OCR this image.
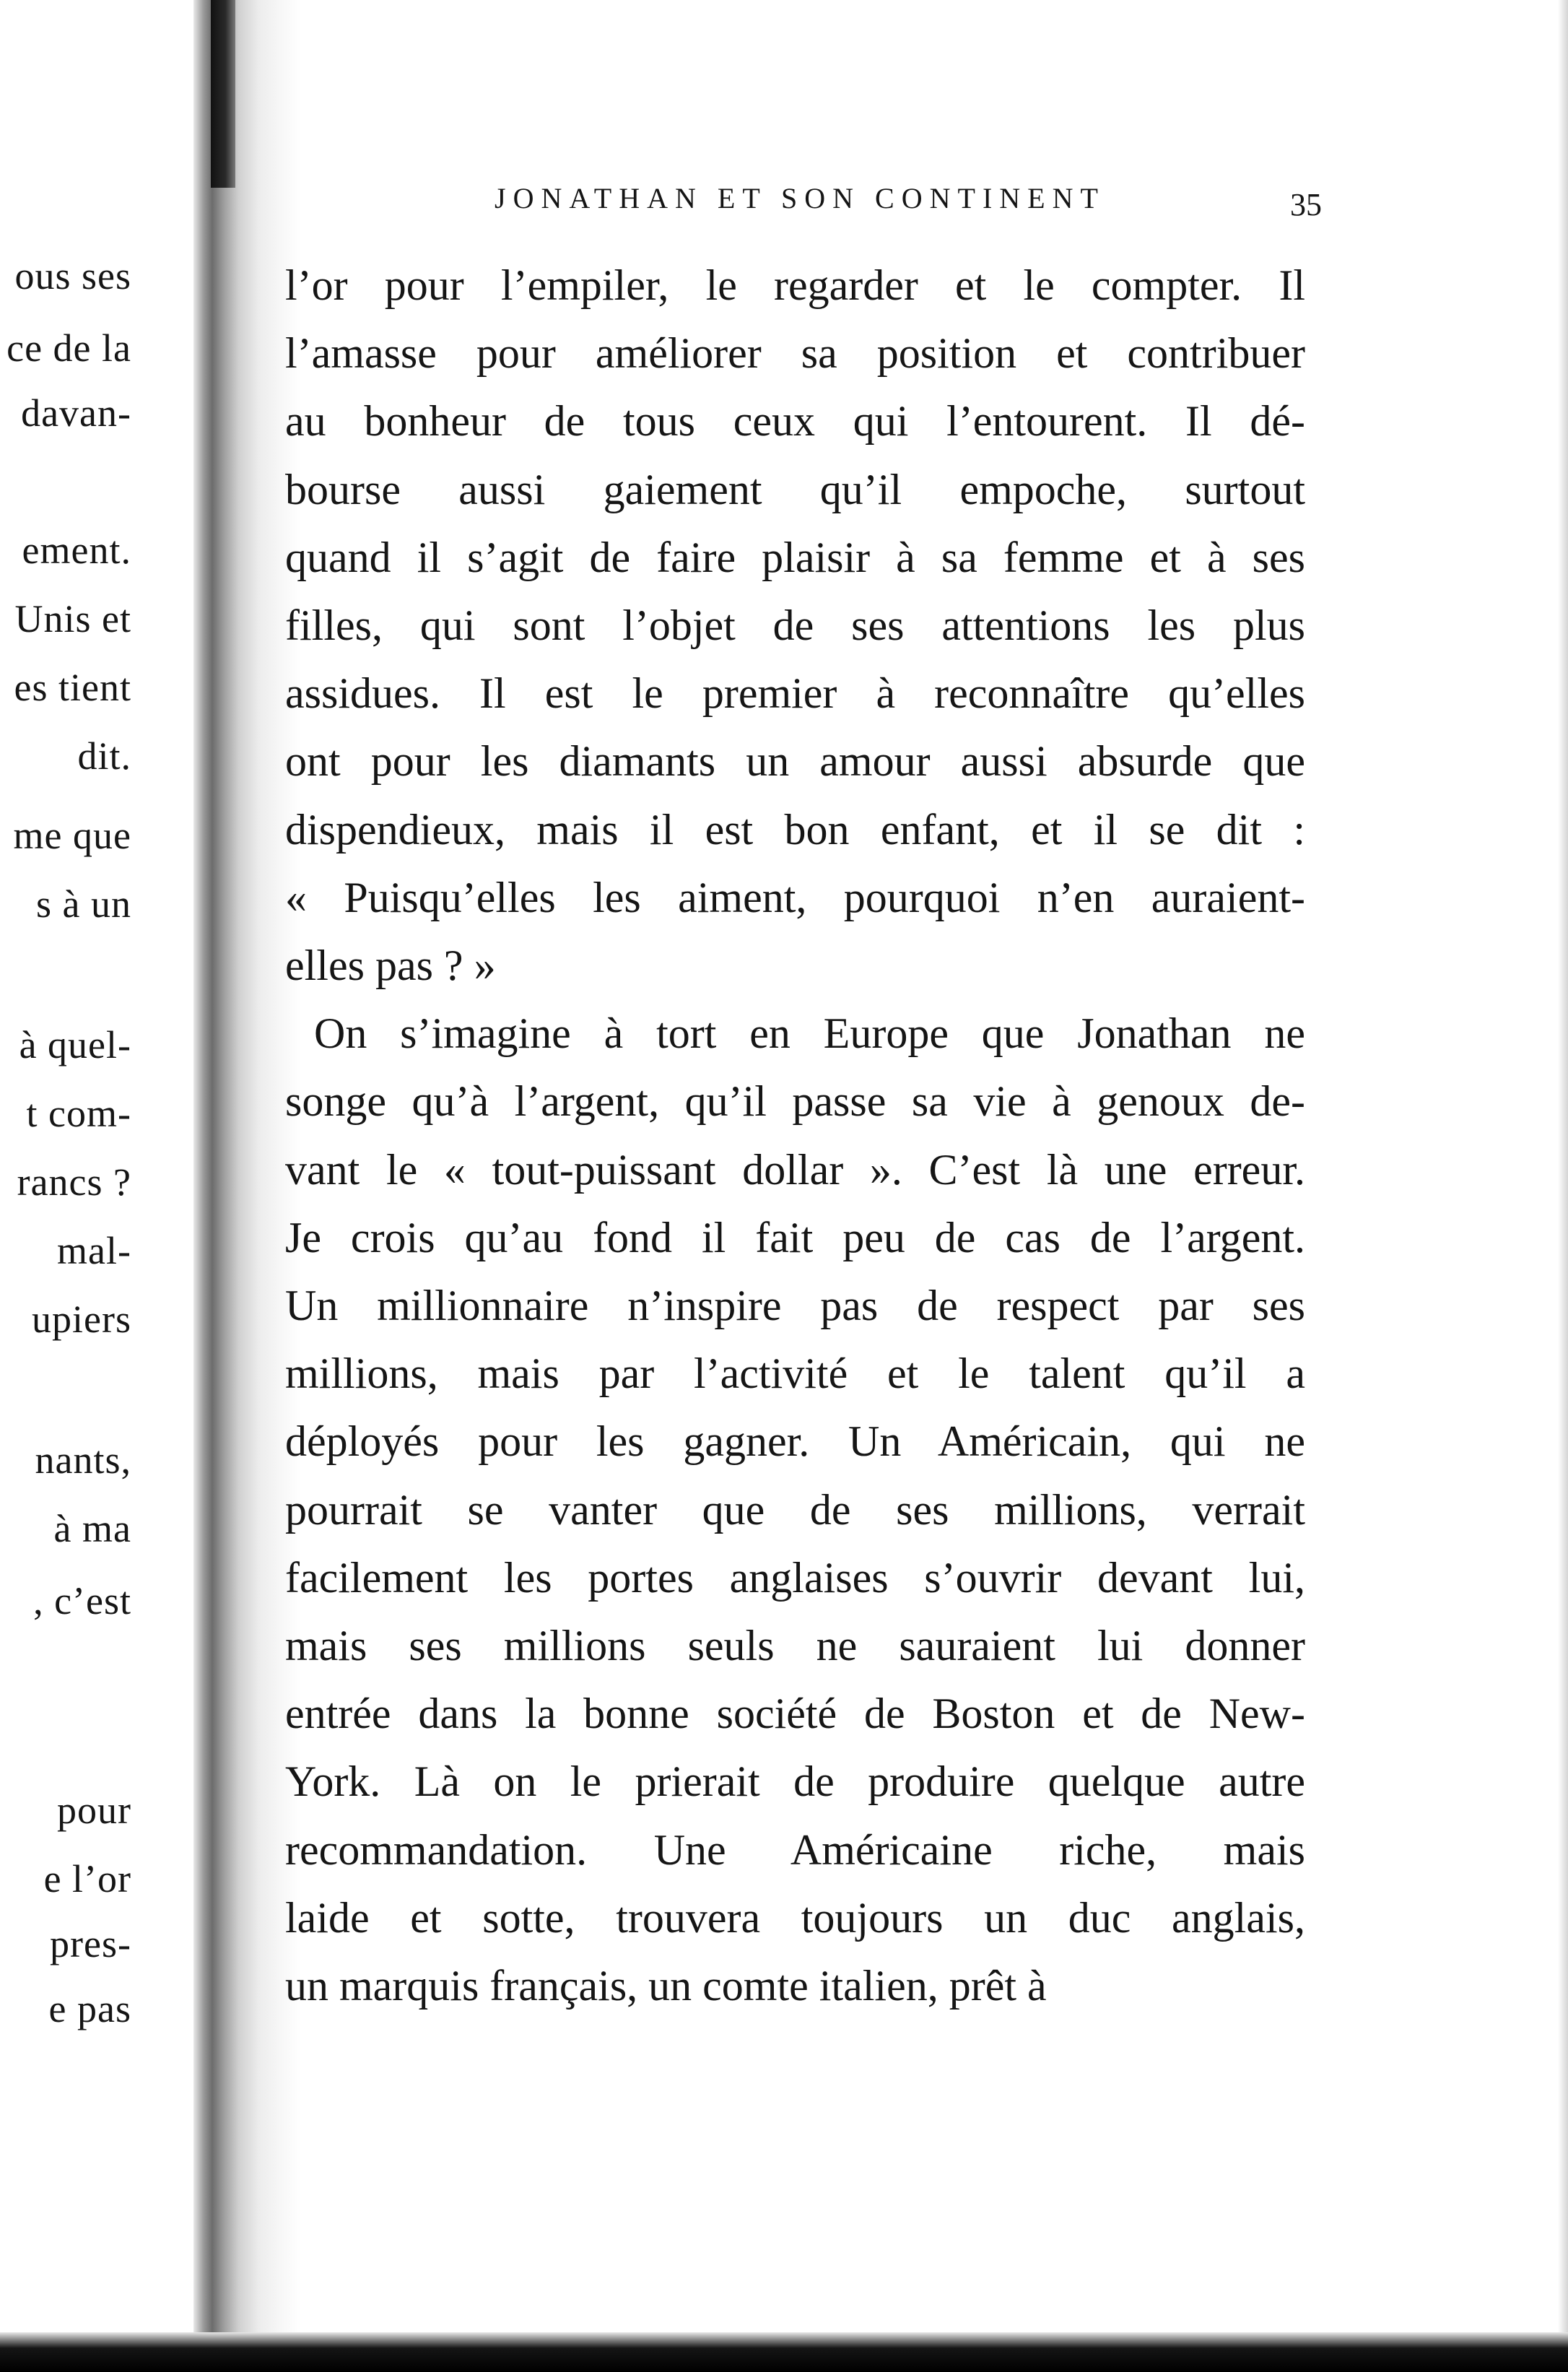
ous ses
ce de la
davan-
ement.
Unis et
es tient
dit.
me que
s à un
à quel-
t com-
rancs ?
mal-
upiers
nants,
à ma
, c’est
pour
e l’or
pres-
e pas
JONATHAN ET SON CONTINENT	35
l’or pour l’empiler, le regarder et le compter. Il
l’amasse pour améliorer sa position et contribuer
au bonheur de tous ceux qui l’entourent. Il dé-
bourse aussi gaiement qu’il empoche, surtout
quand il s’agit de faire plaisir à sa femme et à ses
filles, qui sont l’objet de ses attentions les plus
assidues. Il est le premier à reconnaître qu’elles
ont pour les diamants un amour aussi absurde que
dispendieux, mais il est bon enfant, et il se dit :
« Puisqu’elles les aiment, pourquoi n’en auraient-
elles pas ? »
On s’imagine à tort en Europe que Jonathan ne
songe qu’à l’argent, qu’il passe sa vie à genoux de-
vant le « tout-puissant dollar ». C’est là une erreur.
Je crois qu’au fond il fait peu de cas de l’argent.
Un millionnaire n’inspire pas de respect par ses
millions, mais par l’activité et le talent qu’il a
déployés pour les gagner. Un Américain, qui ne
pourrait se vanter que de ses millions, verrait
facilement les portes anglaises s’ouvrir devant lui,
mais ses millions seuls ne sauraient lui donner
entrée dans la bonne société de Boston et de New-
York. Là on le prierait de produire quelque autre
recommandation. Une Américaine riche, mais
laide et sotte, trouvera toujours un duc anglais,
un marquis français, un comte italien, prêt à
